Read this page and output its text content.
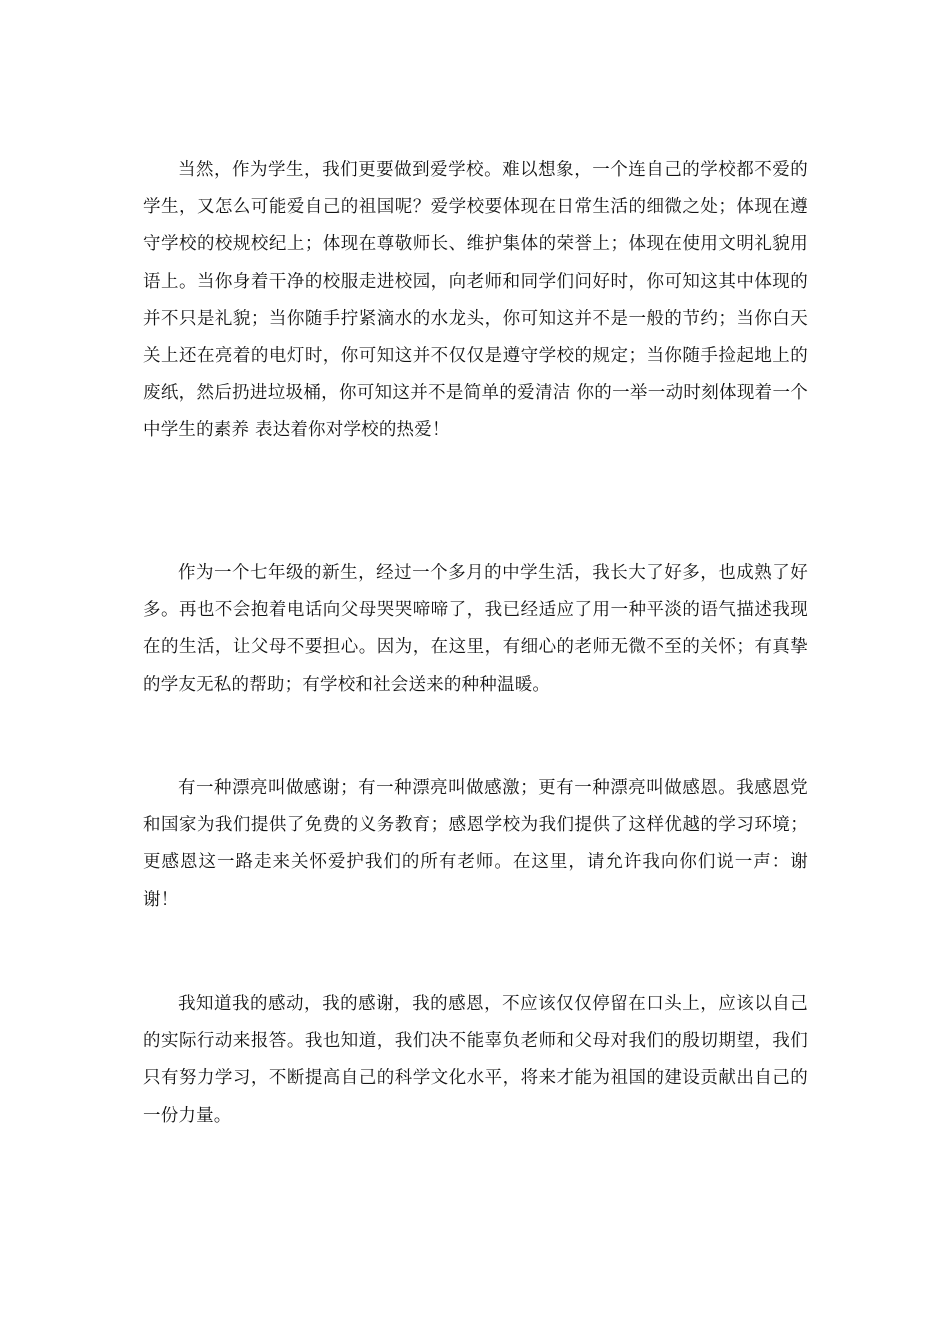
当然，作为学生，我们更要做到爱学校。难以想象，一个连自己的学校都不爱的学生，又怎么可能爱自己的祖国呢？爱学校要体现在日常生活的细微之处；体现在遵守学校的校规校纪上；体现在尊敬师长、维护集体的荣誉上；体现在使用文明礼貌用语上。当你身着干净的校服走进校园，向老师和同学们问好时，你可知这其中体现的并不只是礼貌；当你随手拧紧滴水的水龙头，你可知这并不是一般的节约；当你白天关上还在亮着的电灯时，你可知这并不仅仅是遵守学校的规定；当你随手捡起地上的废纸，然后扔进垃圾桶，你可知这并不是简单的爱清洁 你的一举一动时刻体现着一个中学生的素养 表达着你对学校的热爱！

作为一个七年级的新生，经过一个多月的中学生活，我长大了好多，也成熟了好多。再也不会抱着电话向父母哭哭啼啼了，我已经适应了用一种平淡的语气描述我现在的生活，让父母不要担心。因为，在这里，有细心的老师无微不至的关怀；有真挚的学友无私的帮助；有学校和社会送来的种种温暖。

有一种漂亮叫做感谢；有一种漂亮叫做感激；更有一种漂亮叫做感恩。我感恩党和国家为我们提供了免费的义务教育；感恩学校为我们提供了这样优越的学习环境；更感恩这一路走来关怀爱护我们的所有老师。在这里，请允许我向你们说一声：谢谢！

我知道我的感动，我的感谢，我的感恩，不应该仅仅停留在口头上，应该以自己的实际行动来报答。我也知道，我们决不能辜负老师和父母对我们的殷切期望，我们只有努力学习，不断提高自己的科学文化水平，将来才能为祖国的建设贡献出自己的一份力量。
